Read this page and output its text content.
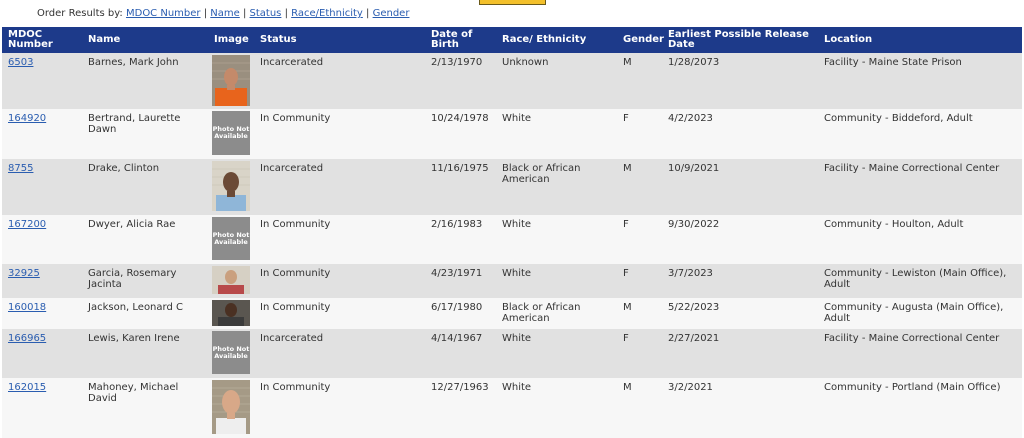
Order Results by: MDOC Number | Name | Status | Race/Ethnicity | Gender
MDOC Number	Name	Image	Status	Date of Birth	Race/ Ethnicity	Gender	Earliest Possible Release Date	Location
6503	Barnes, Mark John		Incarcerated	2/13/1970	Unknown	M	1/28/2073	Facility - Maine State Prison
164920	Bertrand, Laurette Dawn	Photo Not Available	In Community	10/24/1978	White	F	4/2/2023	Community - Biddeford, Adult
8755	Drake, Clinton		Incarcerated	11/16/1975	Black or African American	M	10/9/2021	Facility - Maine Correctional Center
167200	Dwyer, Alicia Rae	Photo Not Available	In Community	2/16/1983	White	F	9/30/2022	Community - Houlton, Adult
32925	Garcia, Rosemary Jacinta		In Community	4/23/1971	White	F	3/7/2023	Community - Lewiston (Main Office), Adult
160018	Jackson, Leonard C		In Community	6/17/1980	Black or African American	M	5/22/2023	Community - Augusta (Main Office), Adult
166965	Lewis, Karen Irene	Photo Not Available	Incarcerated	4/14/1967	White	F	2/27/2021	Facility - Maine Correctional Center
162015	Mahoney, Michael David		In Community	12/27/1963	White	M	3/2/2021	Community - Portland (Main Office)
